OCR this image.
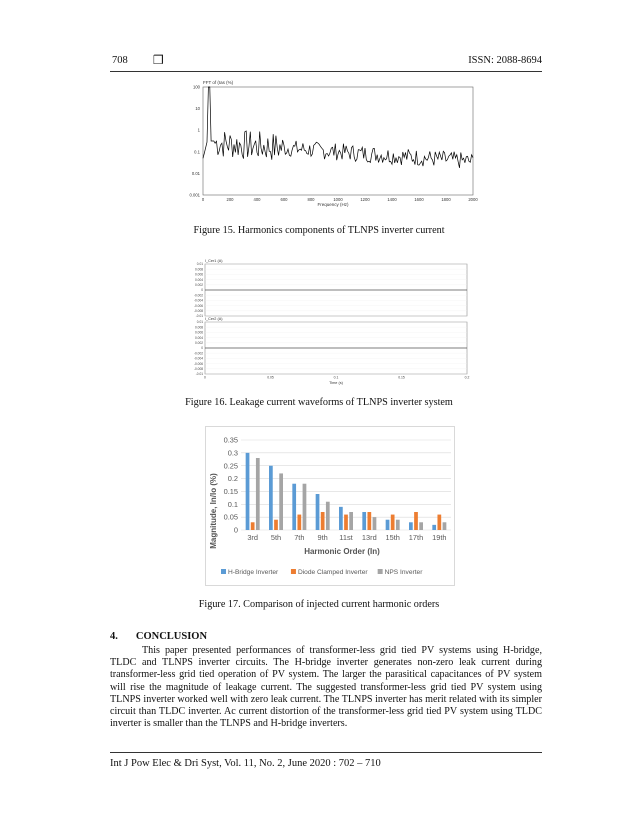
708 ❒	ISSN: 2088-8694
FFT of (Ias (%)
100
10
1
0.1
0.01
0.001
0	200	400	600	800	1000	1200	1400	1600	1800	2000
Frequency (Hz)
Figure 15. Harmonics components of TLNPS inverter current
I_Cer1 (A)
I_Cer2 (A)
0.01
0.008
0.006
0.004
0.002
0
-0.002
-0.004
-0.006
-0.008
-0.01
0.01
0.008
0.006
0.004
0.002
0
-0.002
-0.004
-0.006
-0.008
-0.01
0	0.05	0.1	0.15	0.2
Time (s)
Figure 16. Leakage current waveforms of TLNPS inverter system
0
0.05
0.1
0.15
0.2
0.25
0.3
0.35
3rd 5th 7th 9th 11st 13rd 15th 17th 19th
Magnitude, In/Io (%)
Harmonic Order (In)
H-Bridge Inverter	Diode Clamped Inverter	NPS Inverter
Figure 17. Comparison of injected current harmonic orders
4. CONCLUSION

This paper presented performances of transformer-less grid tied PV systems using H-bridge, TLDC and TLNPS inverter circuits. The H-bridge inverter generates non-zero leak current during transformer-less grid tied operation of PV system. The larger the parasitical capacitances of PV system will rise the magnitude of leakage current. The suggested transformer-less grid tied PV system using TLNPS inverter worked well with zero leak current. The TLNPS inverter has merit related with its simpler circuit than TLDC inverter. Ac current distortion of the transformer-less grid tied PV system using TLDC inverter is smaller than the TLNPS and H-bridge inverters.

Int J Pow Elec & Dri Syst, Vol. 11, No. 2, June 2020 : 702 – 710
